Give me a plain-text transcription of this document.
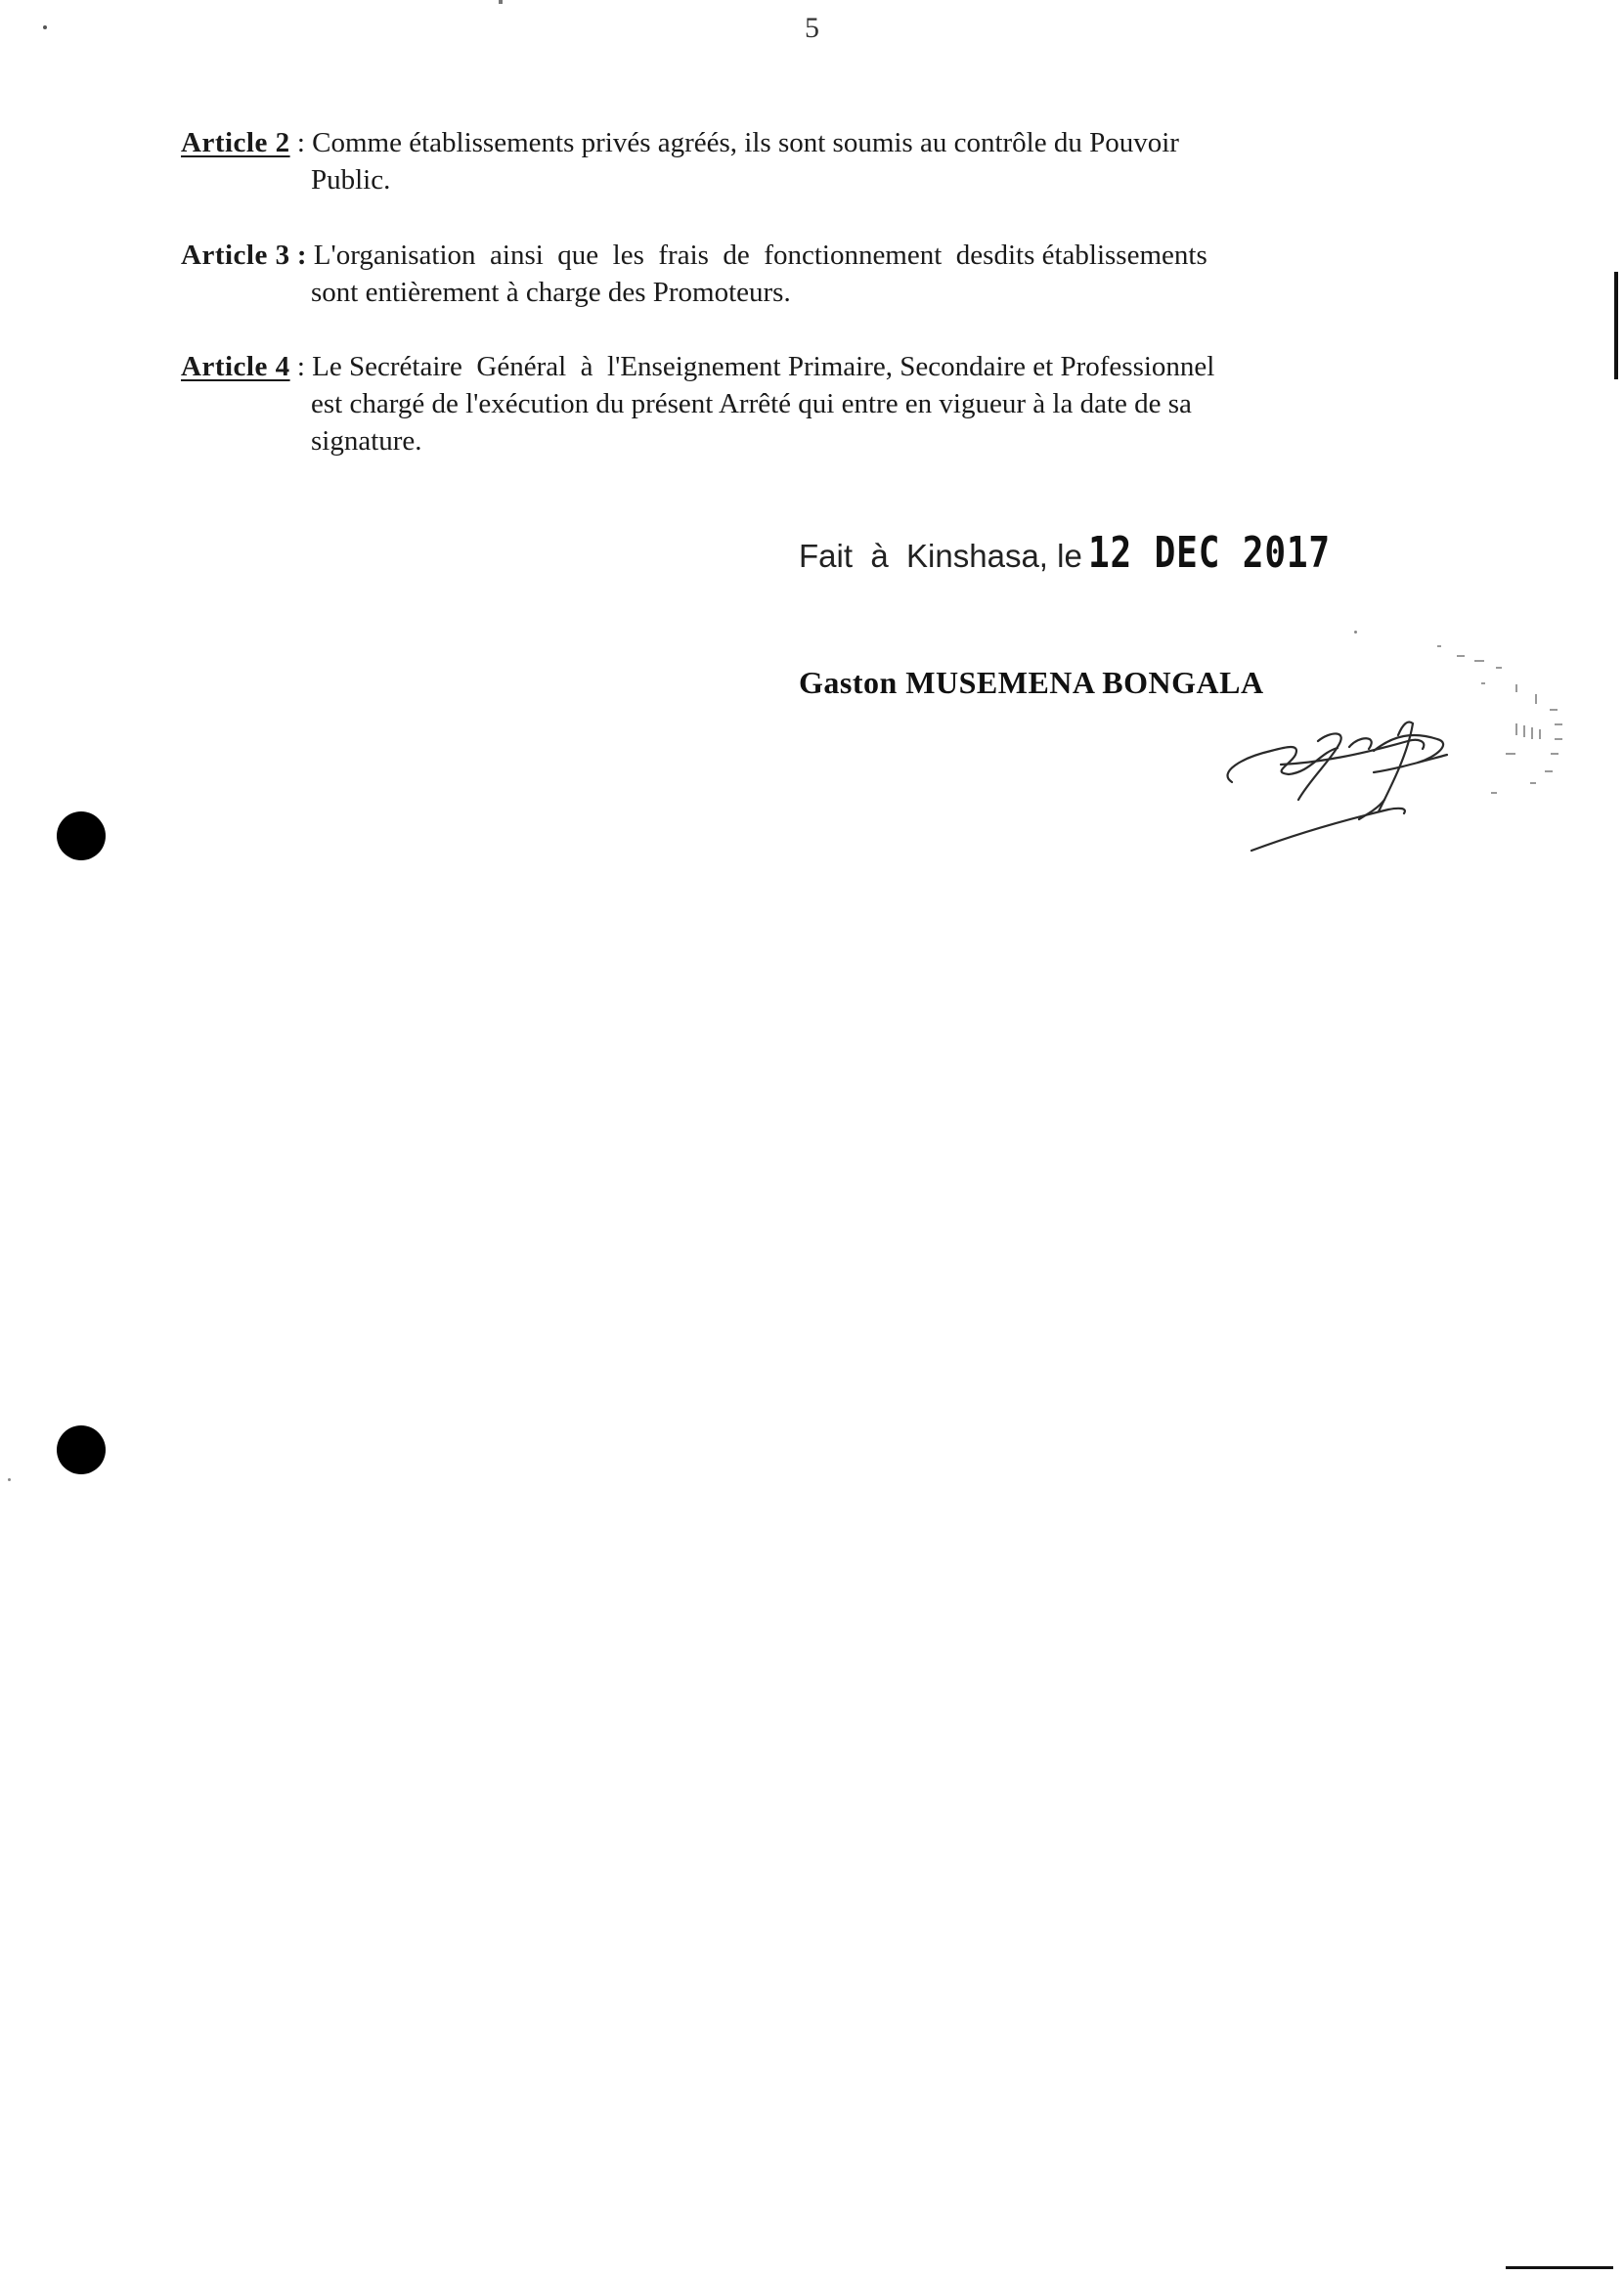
5
Article 2 : Comme établissements privés agréés, ils sont soumis au contrôle du Pouvoir
Public.
Article 3 : L'organisation  ainsi  que  les  frais  de  fonctionnement  desdits établissements
sont entièrement à charge des Promoteurs.
Article 4 : Le Secrétaire  Général  à  l'Enseignement Primaire, Secondaire et Professionnel
est chargé de l'exécution du présent Arrêté qui entre en vigueur à la date de sa
signature.
Fait  à  Kinshasa, le 12 DEC 2017
Gaston MUSEMENA BONGALA
